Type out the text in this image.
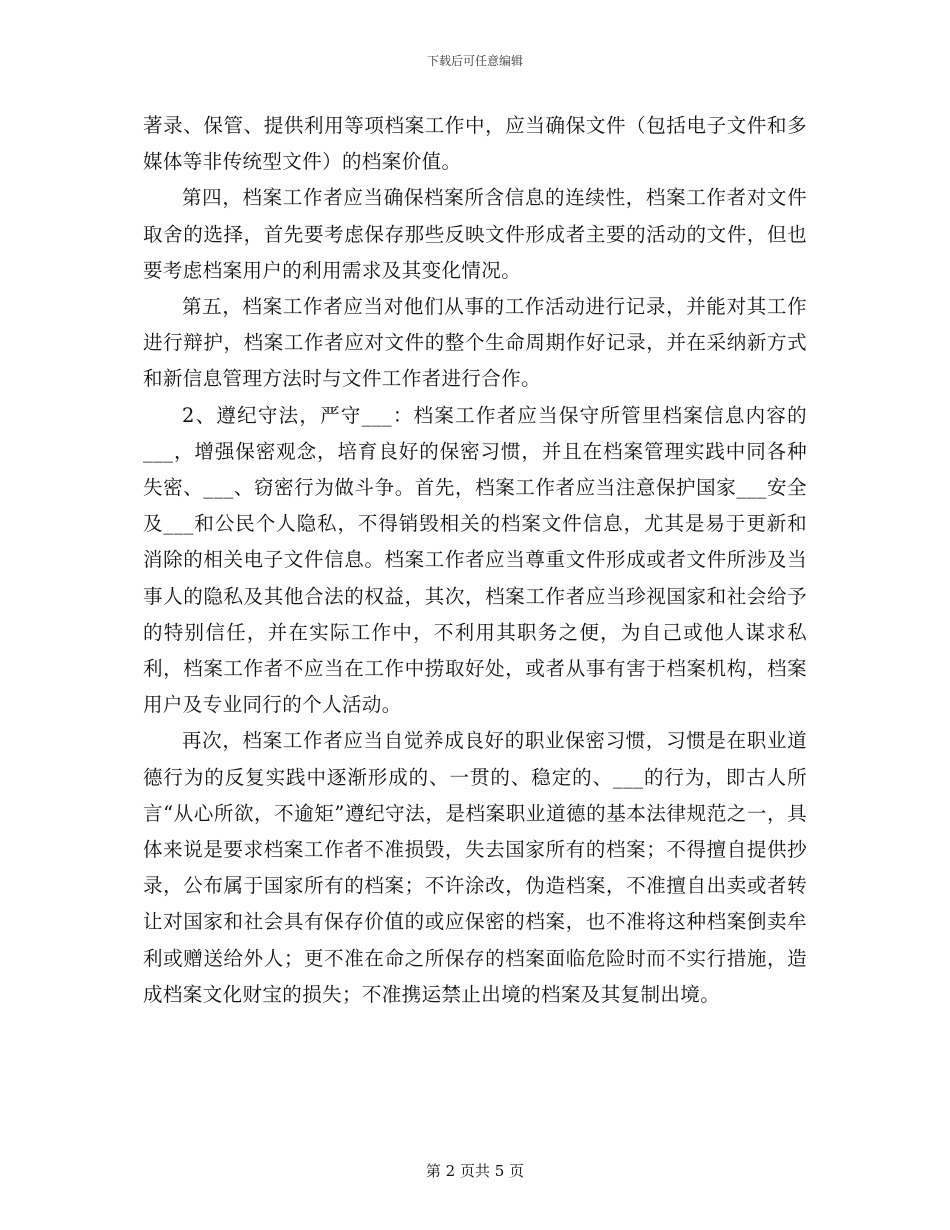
下载后可任意编辑

著录、保管、提供利用等项档案工作中，应当确保文件（包括电子文件和多媒体等非传统型文件）的档案价值。

第四，档案工作者应当确保档案所含信息的连续性，档案工作者对文件取舍的选择，首先要考虑保存那些反映文件形成者主要的活动的文件，但也要考虑档案用户的利用需求及其变化情况。

第五，档案工作者应当对他们从事的工作活动进行记录，并能对其工作进行辩护，档案工作者应对文件的整个生命周期作好记录，并在采纳新方式和新信息管理方法时与文件工作者进行合作。

2、遵纪守法，严守___：档案工作者应当保守所管里档案信息内容的___，增强保密观念，培育良好的保密习惯，并且在档案管理实践中同各种失密、___、窃密行为做斗争。首先，档案工作者应当注意保护国家___安全及___和公民个人隐私，不得销毁相关的档案文件信息，尤其是易于更新和消除的相关电子文件信息。档案工作者应当尊重文件形成或者文件所涉及当事人的隐私及其他合法的权益，其次，档案工作者应当珍视国家和社会给予的特别信任，并在实际工作中，不利用其职务之便，为自己或他人谋求私利，档案工作者不应当在工作中捞取好处，或者从事有害于档案机构，档案用户及专业同行的个人活动。

再次，档案工作者应当自觉养成良好的职业保密习惯，习惯是在职业道德行为的反复实践中逐渐形成的、一贯的、稳定的、___的行为，即古人所言“从心所欲，不逾矩”遵纪守法，是档案职业道德的基本法律规范之一，具体来说是要求档案工作者不准损毁，失去国家所有的档案；不得擅自提供抄录，公布属于国家所有的档案；不许涂改，伪造档案，不准擅自出卖或者转让对国家和社会具有保存价值的或应保密的档案，也不准将这种档案倒卖牟利或赠送给外人；更不准在命之所保存的档案面临危险时而不实行措施，造成档案文化财宝的损失；不准携运禁止出境的档案及其复制出境。

第 2 页共 5 页
